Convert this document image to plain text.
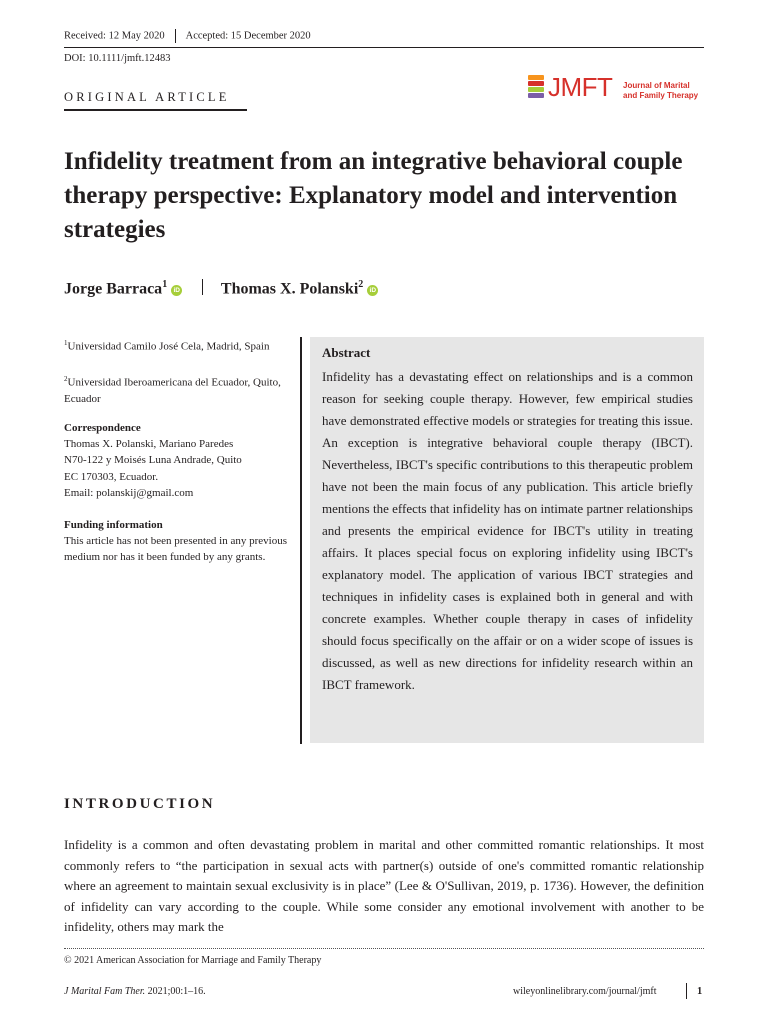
Received: 12 May 2020 Accepted: 15 December 2020
DOI: 10.1111/jmft.12483
ORIGINAL ARTICLE	JMFT Journal of Marital
and Family Therapy
Infidelity treatment from an integrative behavioral couple therapy perspective: Explanatory model and intervention strategies
Jorge Barraca$^1$iD	Thomas X. Polanski$^2$iD
$^1$Universidad Camilo José Cela, Madrid, Spain
$^2$Universidad Iberoamericana del Ecuador, Quito, Ecuador
Correspondence
Thomas X. Polanski, Mariano Paredes
N70-122 y Moisés Luna Andrade, Quito
EC 170303, Ecuador.
Email: polanskij@gmail.com
Funding information
This article has not been presented in any previous medium nor has it been funded by any grants.
Abstract
Infidelity has a devastating effect on relationships and is a common reason for seeking couple therapy. However, few empirical studies have demonstrated effective models or strategies for treating this issue. An exception is integrative behavioral couple therapy (IBCT). Nevertheless, IBCT's specific contributions to this therapeutic problem have not been the main focus of any publication. This article briefly mentions the effects that infidelity has on intimate partner relationships and presents the empirical evidence for IBCT's utility in treating affairs. It places special focus on exploring infidelity using IBCT's explanatory model. The application of various IBCT strategies and techniques in infidelity cases is explained both in general and with concrete examples. Whether couple therapy in cases of infidelity should focus specifically on the affair or on a wider scope of issues is discussed, as well as new directions for infidelity research within an IBCT framework.
INTRODUCTION
Infidelity is a common and often devastating problem in marital and other committed romantic relationships. It most commonly refers to “the participation in sexual acts with partner(s) outside of one's committed romantic relationship where an agreement to maintain sexual exclusivity is in place” (Lee & O'Sullivan, 2019, p. 1736). However, the definition of infidelity can vary according to the couple. While some consider any emotional involvement with another to be infidelity, others may mark the
© 2021 American Association for Marriage and Family Therapy
J Marital Fam Ther. 2021;00:1–16.	wileyonlinelibrary.com/journal/jmft	1
